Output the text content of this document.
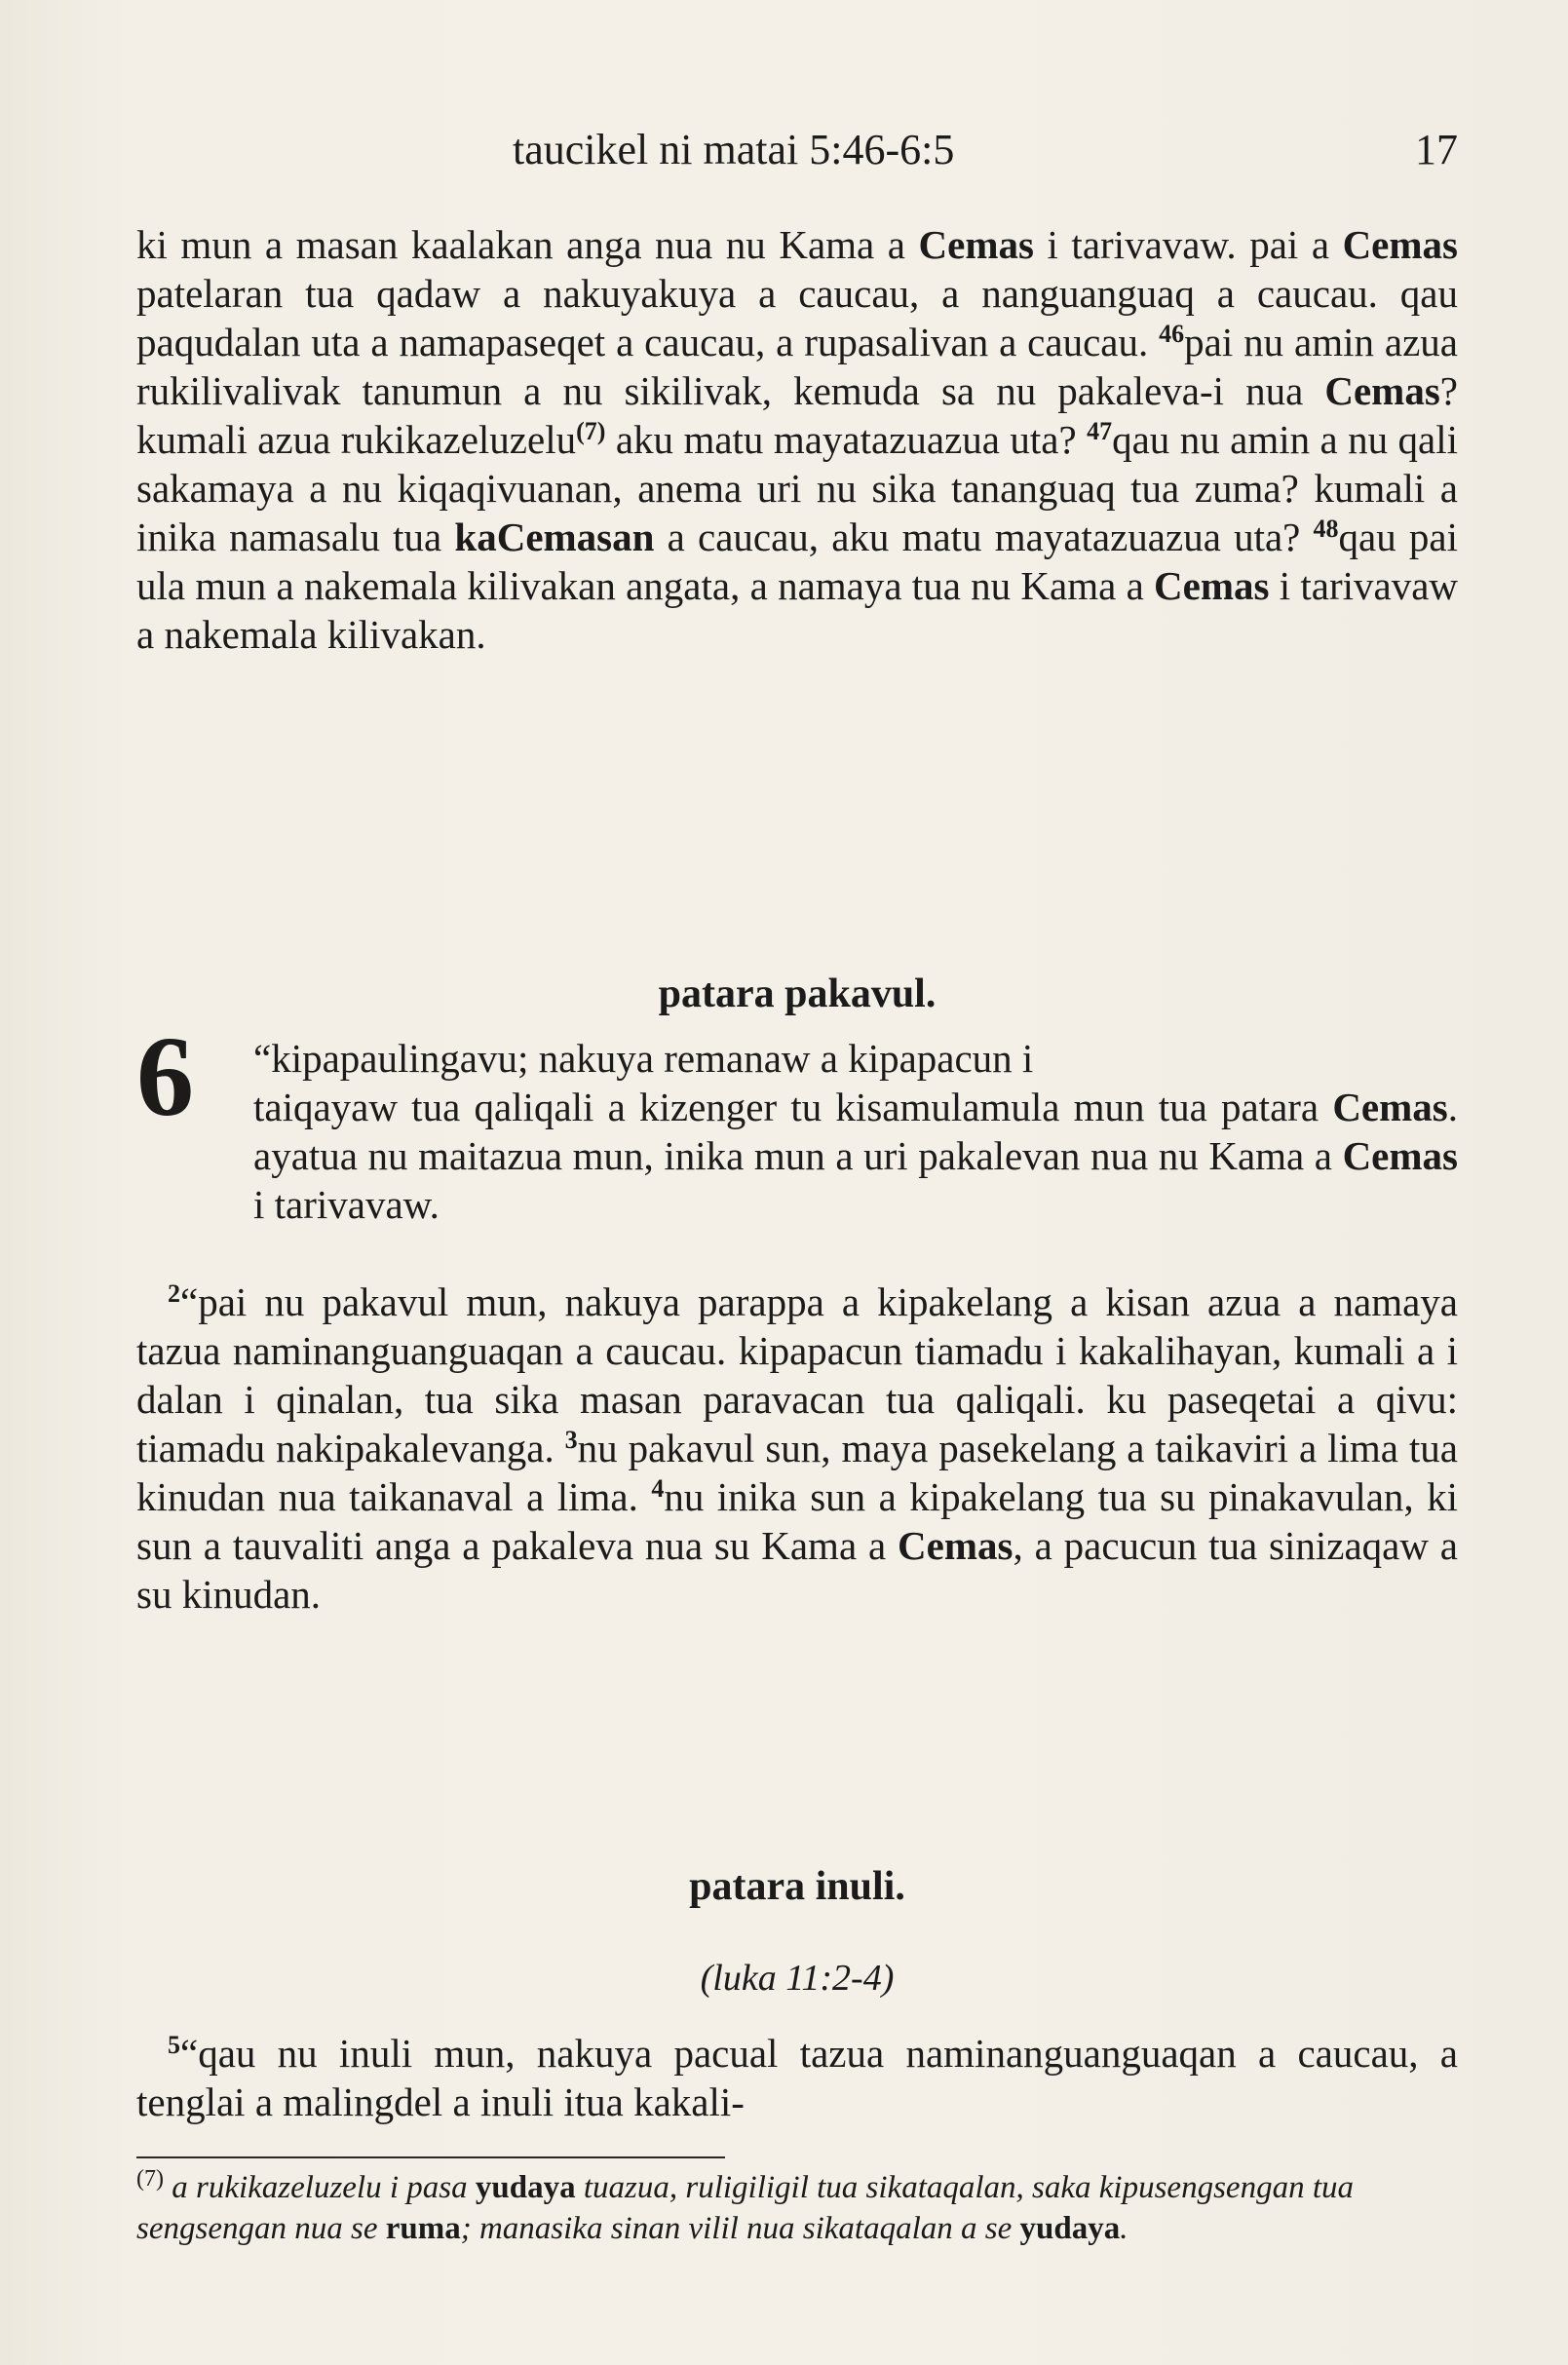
taucikel ni matai 5:46-6:5	17

ki mun a masan kaalakan anga nua nu Kama a Cemas i tarivavaw. pai a Cemas patelaran tua qadaw a nakuyakuya a caucau, a nanguanguaq a caucau. qau paqudalan uta a namapaseqet a caucau, a rupasalivan a caucau. $^{46}$pai nu amin azua rukilivalivak tanumun a nu sikilivak, kemuda sa nu pakaleva-i nua Cemas? kumali azua rukikazeluzelu$^{(7)}$ aku matu mayatazuazua uta? $^{47}$qau nu amin a nu qali sakamaya a nu kiqaqivuanan, anema uri nu sika tananguaq tua zuma? kumali a inika namasalu tua kaCemasan a caucau, aku matu mayatazuazua uta? $^{48}$qau pai ula mun a nakemala kilivakan angata, a namaya tua nu Kama a Cemas i tarivavaw a nakemala kilivakan.

patara pakavul.
6	“kipapaulingavu; nakuya remanaw a kipapacun i
taiqayaw tua qaliqali a kizenger tu kisamulamula mun tua patara Cemas. ayatua nu maitazua mun, inika mun a uri pakalevan nua nu Kama a Cemas i tarivavaw.

$^2$“pai nu pakavul mun, nakuya parappa a kipakelang a kisan azua a namaya tazua naminanguanguaqan a caucau. kipapacun tiamadu i kakalihayan, kumali a i dalan i qinalan, tua sika masan paravacan tua qaliqali. ku paseqetai a qivu: tiamadu nakipakalevanga. $^3$nu pakavul sun, maya pasekelang a taikaviri a lima tua kinudan nua taikanaval a lima. $^4$nu inika sun a kipakelang tua su pinakavulan, ki sun a tauvaliti anga a pakaleva nua su Kama a Cemas, a pacucun tua sinizaqaw a su kinudan.

patara inuli.
(luka 11:2-4)

$^5$“qau nu inuli mun, nakuya pacual tazua naminanguanguaqan a caucau, a tenglai a malingdel a inuli itua kakali-

$^{(7)}$ a rukikazeluzelu i pasa yudaya tuazua, ruligiligil tua sikataqalan, saka kipusengsengan tua sengsengan nua se ruma; manasika sinan vilil nua sikataqalan a se yudaya.
